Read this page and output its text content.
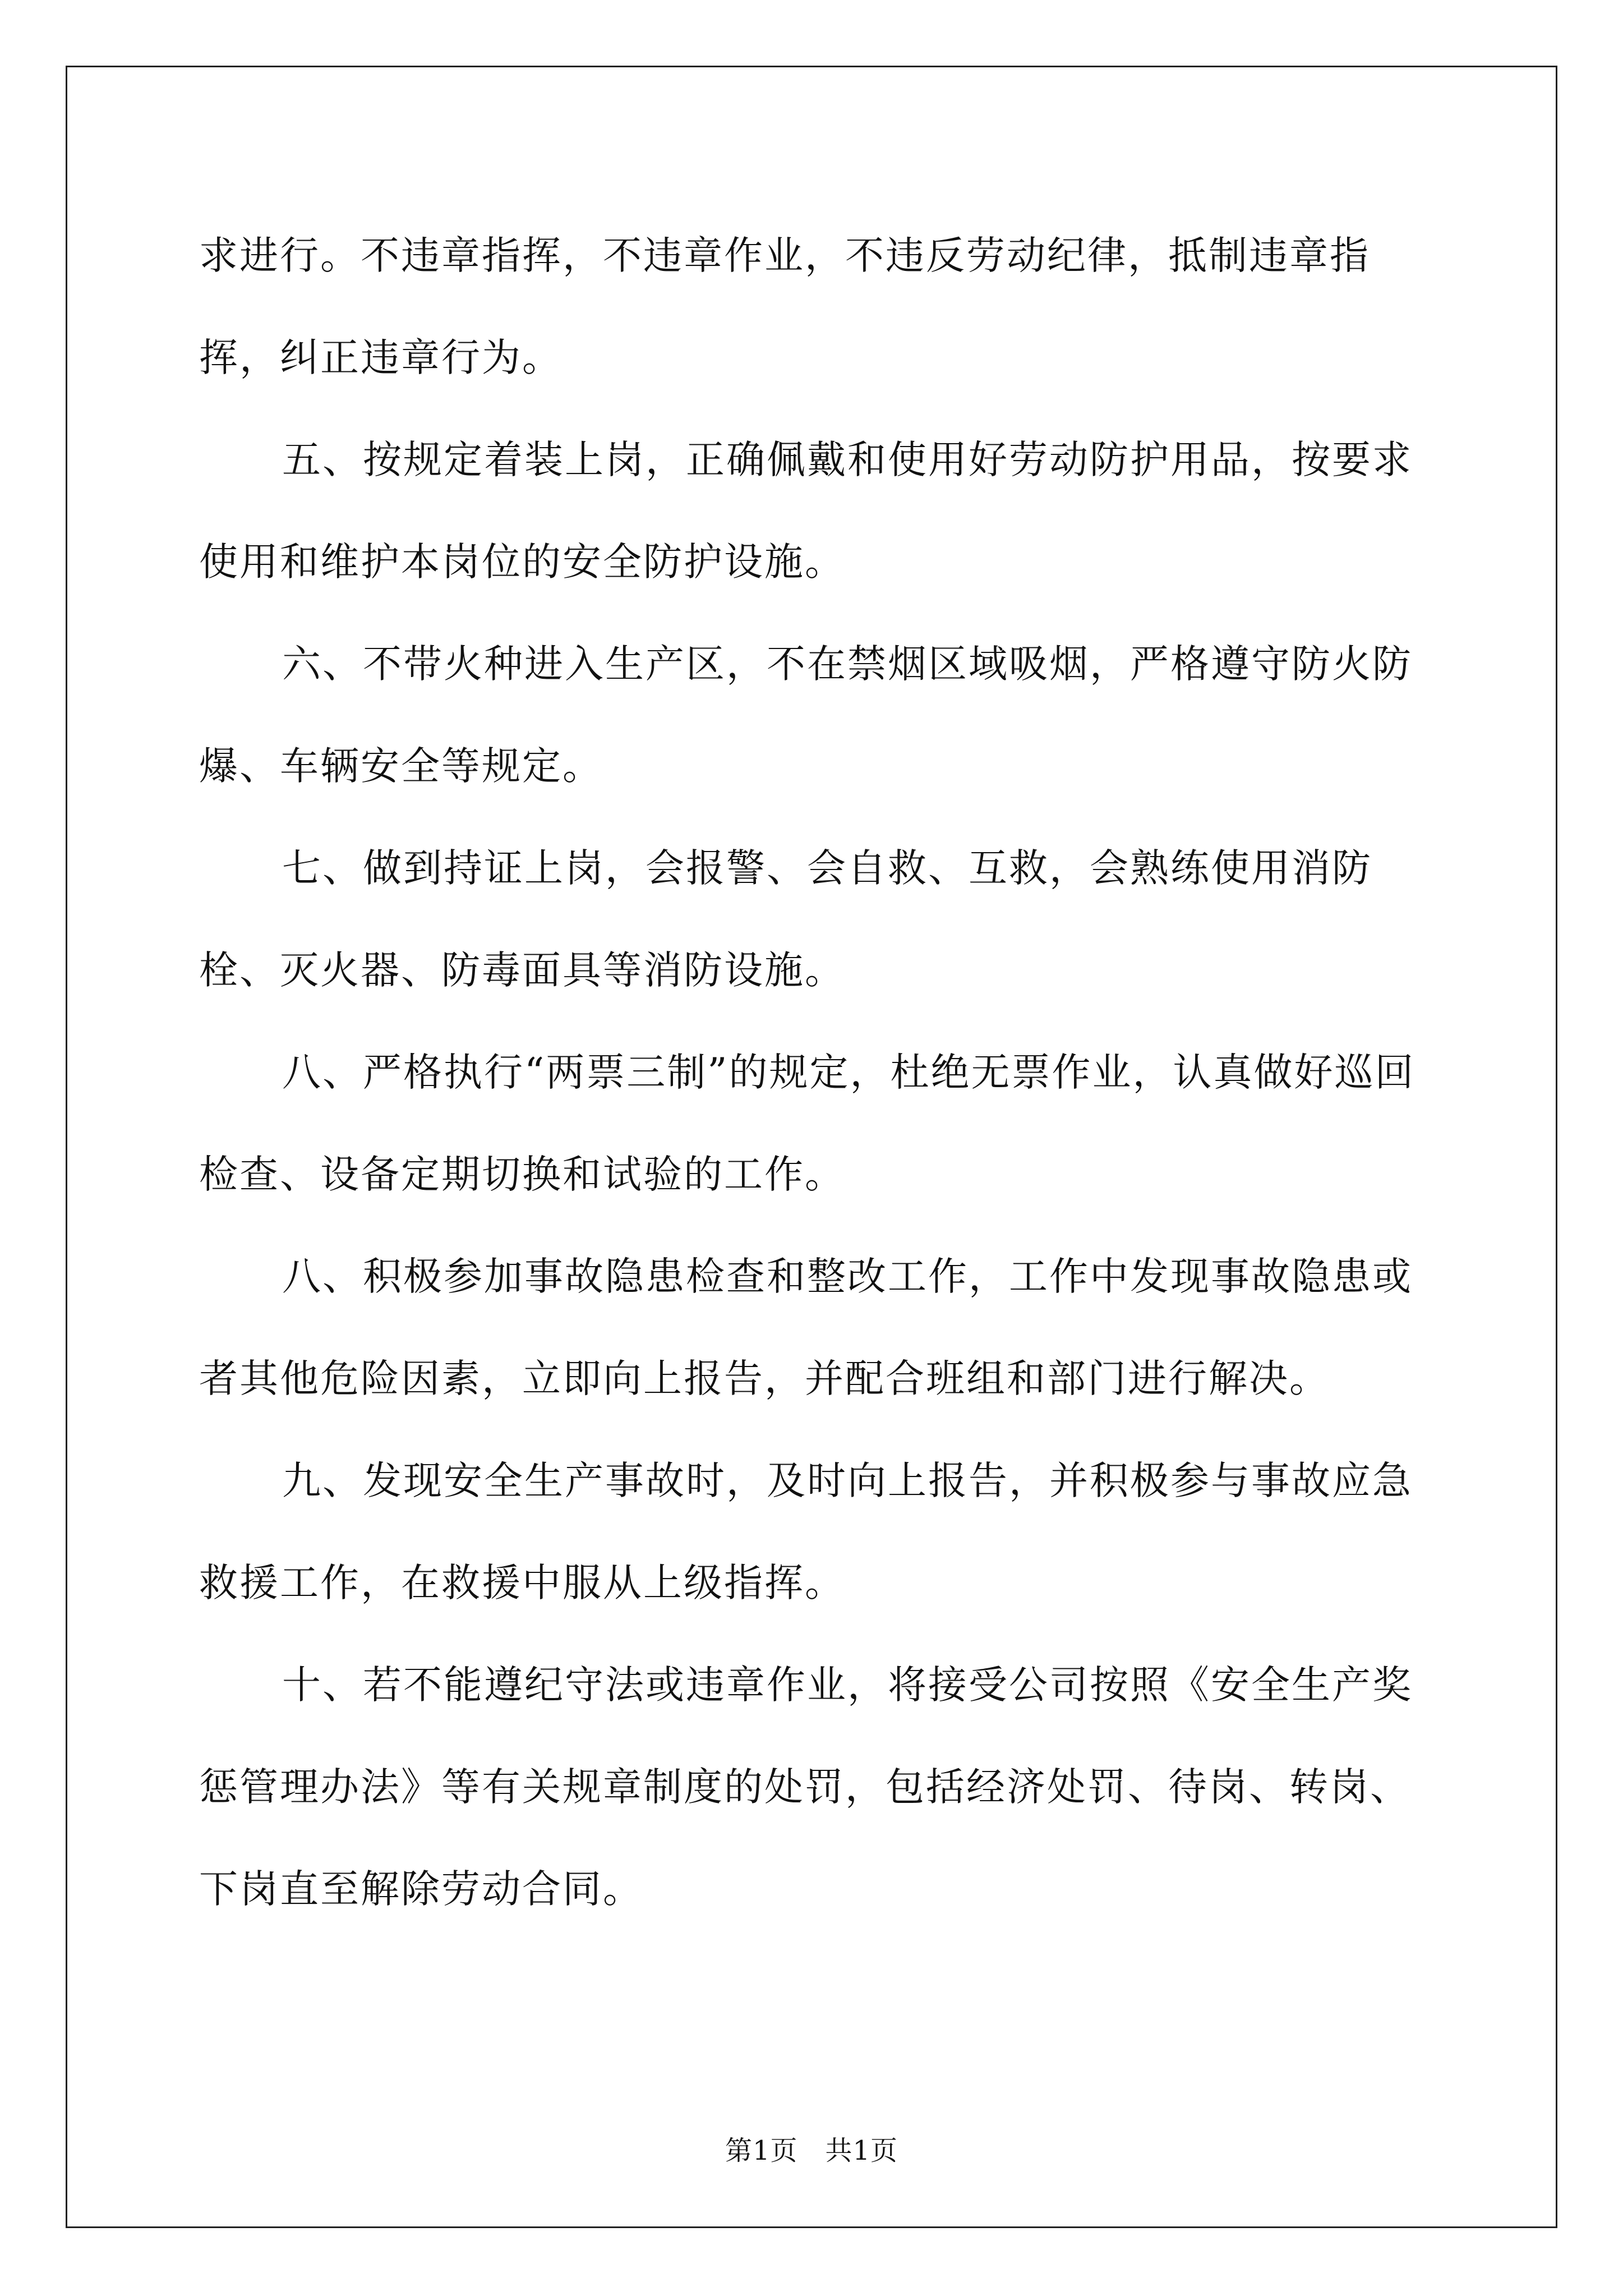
求进行。不违章指挥，不违章作业，不违反劳动纪律，抵制违章指挥，纠正违章行为。

五、按规定着装上岗，正确佩戴和使用好劳动防护用品，按要求使用和维护本岗位的安全防护设施。

六、不带火种进入生产区，不在禁烟区域吸烟，严格遵守防火防爆、车辆安全等规定。

七、做到持证上岗，会报警、会自救、互救，会熟练使用消防栓、灭火器、防毒面具等消防设施。

八、严格执行“两票三制”的规定，杜绝无票作业，认真做好巡回检查、设备定期切换和试验的工作。

八、积极参加事故隐患检查和整改工作，工作中发现事故隐患或者其他危险因素，立即向上报告，并配合班组和部门进行解决。

九、发现安全生产事故时，及时向上报告，并积极参与事故应急救援工作，在救援中服从上级指挥。

十、若不能遵纪守法或违章作业，将接受公司按照《安全生产奖惩管理办法》等有关规章制度的处罚，包括经济处罚、待岗、转岗、下岗直至解除劳动合同。

第1页　共1页
